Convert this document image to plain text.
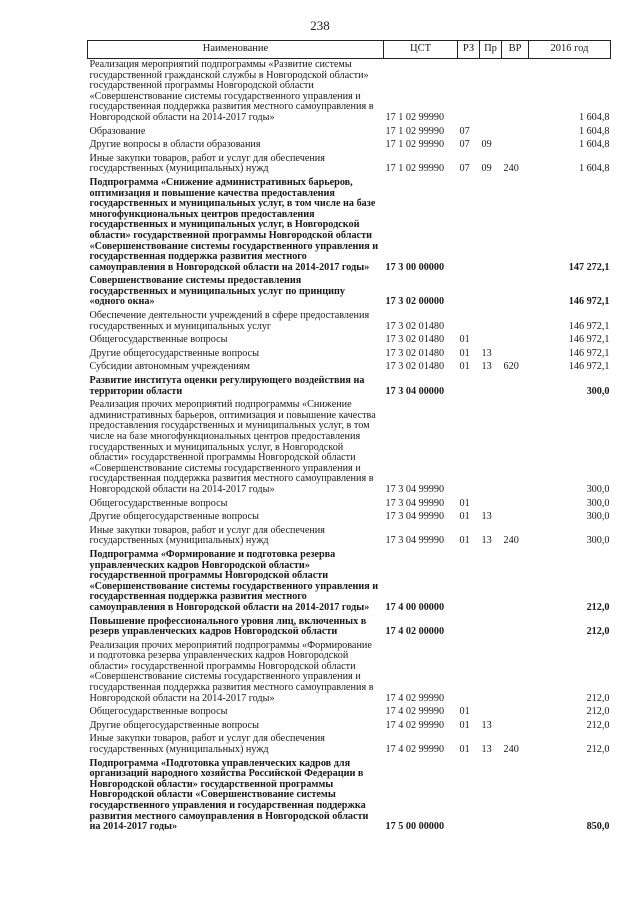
238
Наименование	ЦСТ	РЗ	Пр	ВР	2016 год
Реализация мероприятий подпрограммы «Развитие системы государственной гражданской службы в Новгородской области» государственной программы Новгородской области «Совершенствование системы государственного управления и государственная поддержка развития местного самоуправления в Новгородской области на 2014-2017 годы»	17 1 02 99990				1 604,8
Образование	17 1 02 99990	07			1 604,8
Другие вопросы в области образования	17 1 02 99990	07	09		1 604,8
Иные закупки товаров, работ и услуг для обеспечения государственных (муниципальных) нужд	17 1 02 99990	07	09	240	1 604,8
Подпрограмма «Снижение административных барьеров, оптимизация и повышение качества предоставления государственных и муниципальных услуг, в том числе на базе многофункциональных центров предоставления государственных и муниципальных услуг, в Новгородской области» государственной программы Новгородской области «Совершенствование системы государственного управления и государственная поддержка развития местного самоуправления в Новгородской области на 2014-2017 годы»	17 3 00 00000				147 272,1
Совершенствование системы предоставления государственных и муниципальных услуг по принципу «одного окна»	17 3 02 00000				146 972,1
Обеспечение деятельности учреждений в сфере предоставления государственных и муниципальных услуг	17 3 02 01480				146 972,1
Общегосударственные вопросы	17 3 02 01480	01			146 972,1
Другие общегосударственные вопросы	17 3 02 01480	01	13		146 972,1
Субсидии автономным учреждениям	17 3 02 01480	01	13	620	146 972,1
Развитие института оценки регулирующего воздействия на территории области	17 3 04 00000				300,0
Реализация прочих мероприятий подпрограммы «Снижение административных барьеров, оптимизация и повышение качества предоставления государственных и муниципальных услуг, в том числе на базе многофункциональных центров предоставления государственных и муниципальных услуг, в Новгородской области» государственной программы Новгородской области «Совершенствование системы государственного управления и государственная поддержка развития местного самоуправления в Новгородской области на 2014-2017 годы»	17 3 04 99990				300,0
Общегосударственные вопросы	17 3 04 99990	01			300,0
Другие общегосударственные вопросы	17 3 04 99990	01	13		300,0
Иные закупки товаров, работ и услуг для обеспечения государственных (муниципальных) нужд	17 3 04 99990	01	13	240	300,0
Подпрограмма «Формирование и подготовка резерва управленческих кадров Новгородской области» государственной программы Новгородской области «Совершенствование системы государственного управления и государственная поддержка развития местного самоуправления в Новгородской области на 2014-2017 годы»	17 4 00 00000				212,0
Повышение профессионального уровня лиц, включенных в резерв управленческих кадров Новгородской области	17 4 02 00000				212,0
Реализация прочих мероприятий подпрограммы «Формирование и подготовка резерва управленческих кадров Новгородской области» государственной программы Новгородской области «Совершенствование системы государственного управления и государственная поддержка развития местного самоуправления в Новгородской области на 2014-2017 годы»	17 4 02 99990				212,0
Общегосударственные вопросы	17 4 02 99990	01			212,0
Другие общегосударственные вопросы	17 4 02 99990	01	13		212,0
Иные закупки товаров, работ и услуг для обеспечения государственных (муниципальных) нужд	17 4 02 99990	01	13	240	212,0
Подпрограмма «Подготовка управленческих кадров для организаций народного хозяйства Российской Федерации в Новгородской области» государственной программы Новгородской области «Совершенствование системы государственного управления и государственная поддержка развития местного самоуправления в Новгородской области на 2014-2017 годы»	17 5 00 00000				850,0
